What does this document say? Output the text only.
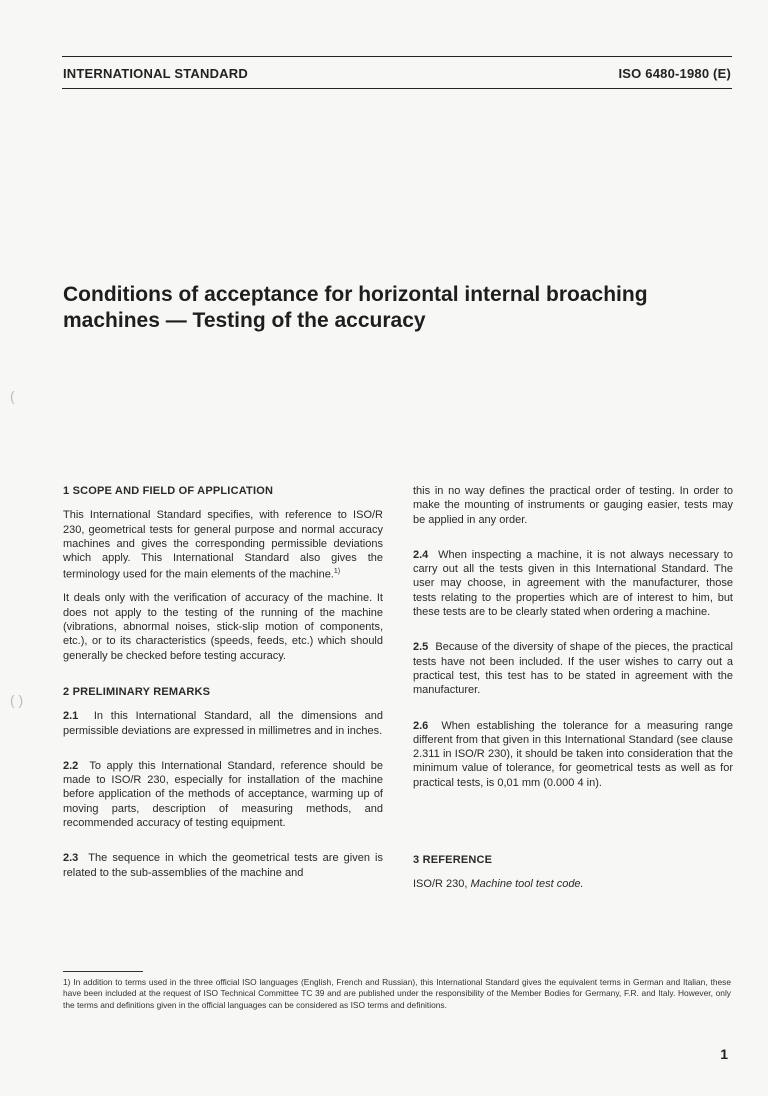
INTERNATIONAL STANDARD	ISO 6480-1980 (E)
Conditions of acceptance for horizontal internal broaching
machines — Testing of the accuracy
(
( )
1 SCOPE AND FIELD OF APPLICATION

This International Standard specifies, with reference to ISO/R 230, geometrical tests for general purpose and normal accuracy machines and gives the corresponding permissible deviations which apply. This International Standard also gives the terminology used for the main elements of the machine.$^{1)}$

It deals only with the verification of accuracy of the machine. It does not apply to the testing of the running of the machine (vibrations, abnormal noises, stick-slip motion of components, etc.), or to its characteristics (speeds, feeds, etc.) which should generally be checked before testing accuracy.

2 PRELIMINARY REMARKS

2.1 In this International Standard, all the dimensions and permissible deviations are expressed in millimetres and in inches.

2.2 To apply this International Standard, reference should be made to ISO/R 230, especially for installation of the machine before application of the methods of acceptance, warming up of moving parts, description of measuring methods, and recommended accuracy of testing equipment.

2.3 The sequence in which the geometrical tests are given is related to the sub-assemblies of the machine and

this in no way defines the practical order of testing. In order to make the mounting of instruments or gauging easier, tests may be applied in any order.

2.4 When inspecting a machine, it is not always necessary to carry out all the tests given in this International Standard. The user may choose, in agreement with the manufacturer, those tests relating to the properties which are of interest to him, but these tests are to be clearly stated when ordering a machine.

2.5 Because of the diversity of shape of the pieces, the practical tests have not been included. If the user wishes to carry out a practical test, this test has to be stated in agreement with the manufacturer.

2.6 When establishing the tolerance for a measuring range different from that given in this International Standard (see clause 2.311 in ISO/R 230), it should be taken into consideration that the minimum value of tolerance, for geometrical tests as well as for practical tests, is 0,01 mm (0.000 4 in).

3 REFERENCE

ISO/R 230, Machine tool test code.

1) In addition to terms used in the three official ISO languages (English, French and Russian), this International Standard gives the equivalent terms in German and Italian, these have been included at the request of ISO Technical Committee TC 39 and are published under the responsibility of the Member Bodies for Germany, F.R. and Italy. However, only the terms and definitions given in the official languages can be considered as ISO terms and definitions.
1
